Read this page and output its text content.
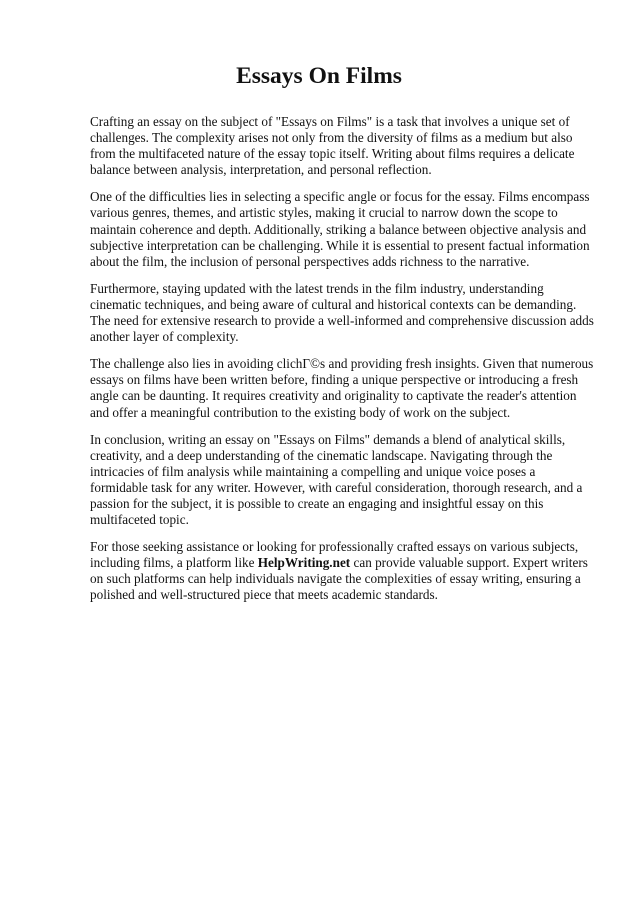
Essays On Films

Crafting an essay on the subject of "Essays on Films" is a task that involves a unique set of challenges. The complexity arises not only from the diversity of films as a medium but also from the multifaceted nature of the essay topic itself. Writing about films requires a delicate balance between analysis, interpretation, and personal reflection.

One of the difficulties lies in selecting a specific angle or focus for the essay. Films encompass various genres, themes, and artistic styles, making it crucial to narrow down the scope to maintain coherence and depth. Additionally, striking a balance between objective analysis and subjective interpretation can be challenging. While it is essential to present factual information about the film, the inclusion of personal perspectives adds richness to the narrative.

Furthermore, staying updated with the latest trends in the film industry, understanding cinematic techniques, and being aware of cultural and historical contexts can be demanding. The need for extensive research to provide a well-informed and comprehensive discussion adds another layer of complexity.

The challenge also lies in avoiding clichГ©s and providing fresh insights. Given that numerous essays on films have been written before, finding a unique perspective or introducing a fresh angle can be daunting. It requires creativity and originality to captivate the reader's attention and offer a meaningful contribution to the existing body of work on the subject.

In conclusion, writing an essay on "Essays on Films" demands a blend of analytical skills, creativity, and a deep understanding of the cinematic landscape. Navigating through the intricacies of film analysis while maintaining a compelling and unique voice poses a formidable task for any writer. However, with careful consideration, thorough research, and a passion for the subject, it is possible to create an engaging and insightful essay on this multifaceted topic.

For those seeking assistance or looking for professionally crafted essays on various subjects, including films, a platform like HelpWriting.net can provide valuable support. Expert writers on such platforms can help individuals navigate the complexities of essay writing, ensuring a polished and well-structured piece that meets academic standards.
